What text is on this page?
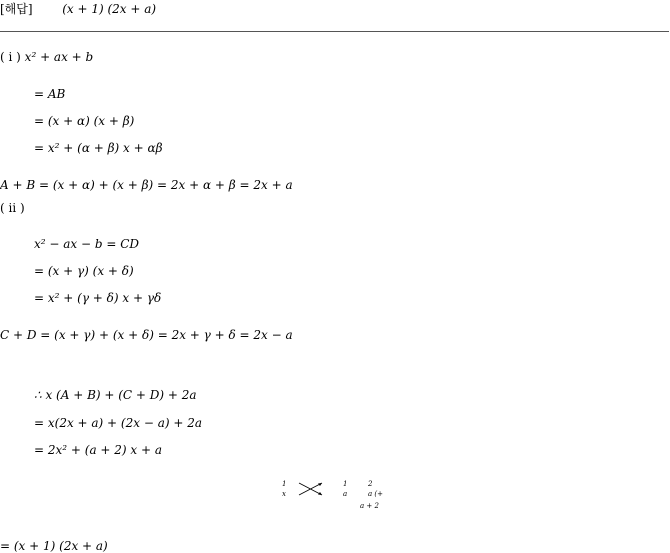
[해답] (x + 1) (2x + a)
( ⅰ ) x² + ax + b
= AB
= (x + α) (x + β)
= x² + (α + β) x + αβ
A + B = (x + α) + (x + β) = 2x + α + β = 2x + a
( ⅱ )
x² − ax − b = CD
= (x + γ) (x + δ)
= x² + (γ + δ) x + γδ
C + D = (x + γ) + (x + δ) = 2x + γ + δ = 2x − a
∴ x (A + B) + (C + D) + 2a
= x(2x + a) + (2x − a) + 2a
= 2x² + (a + 2) x + a
1
x
1
a
2
a (+
a + 2
= (x + 1) (2x + a)
